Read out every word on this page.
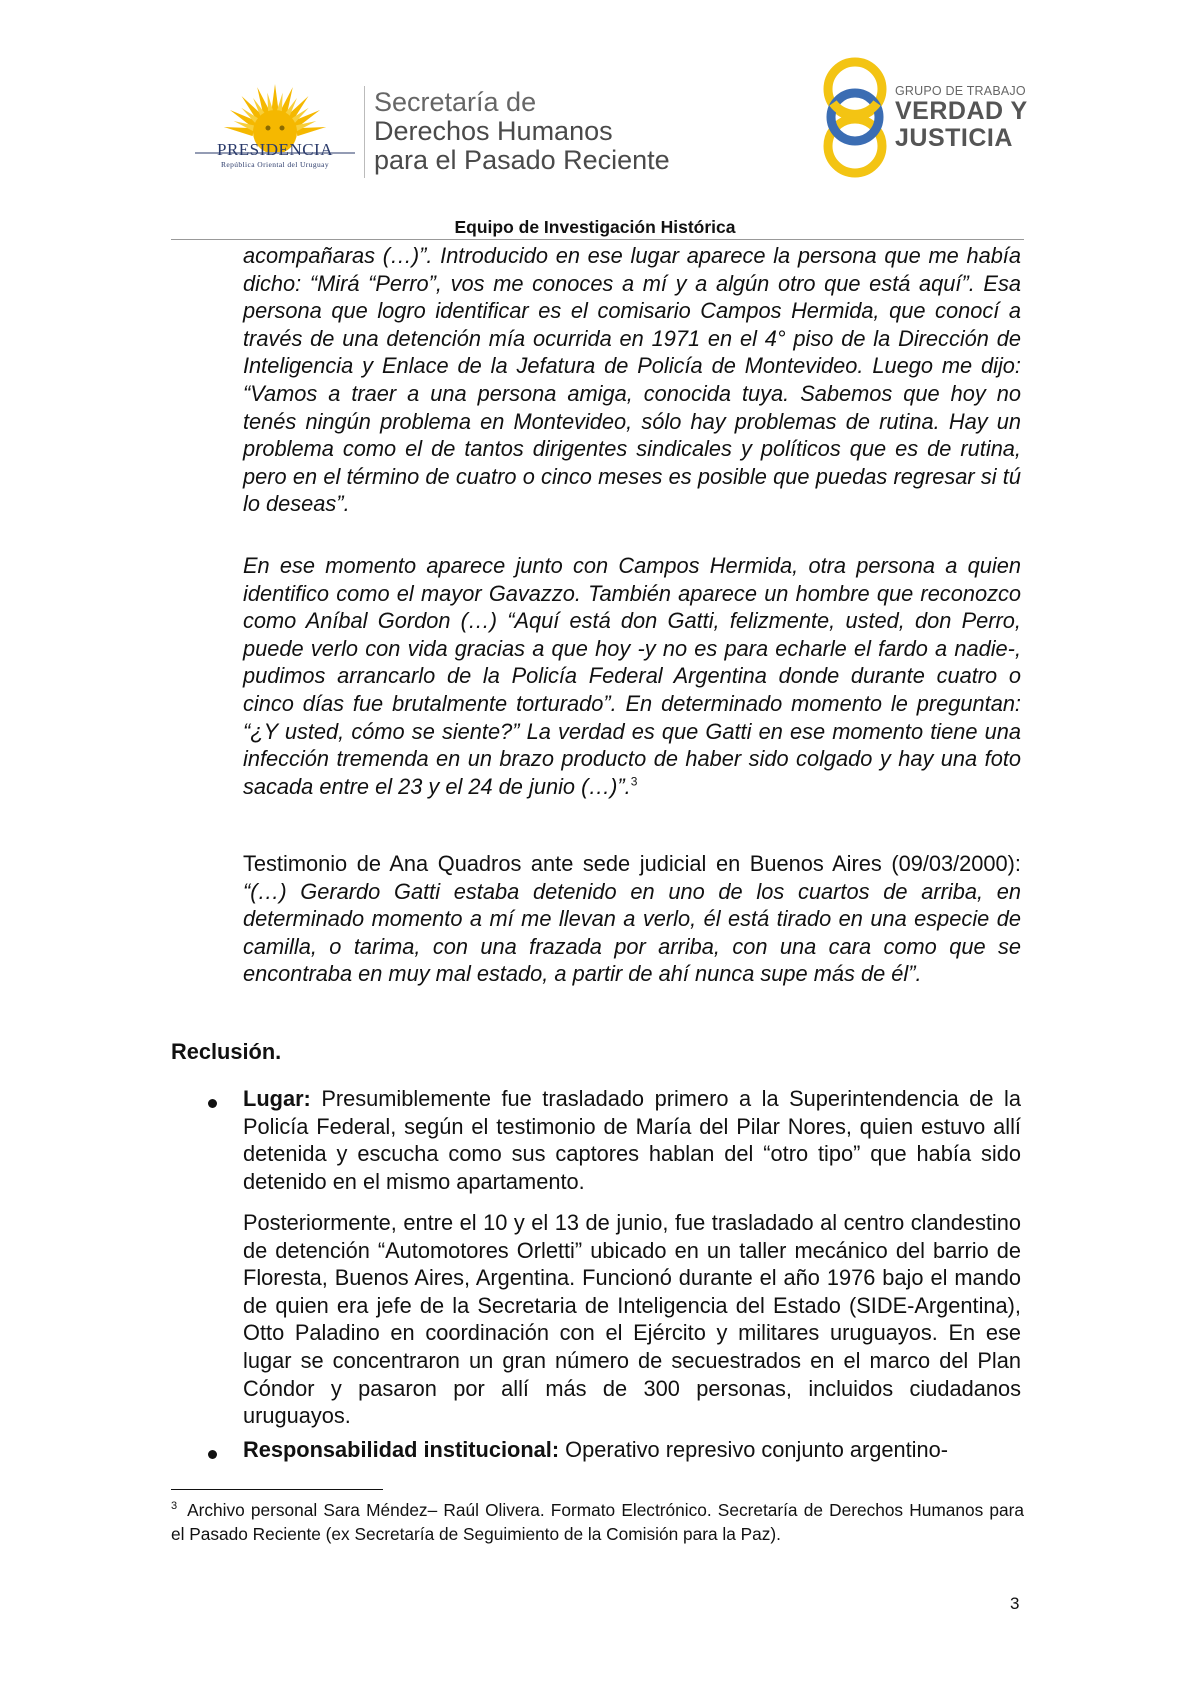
PRESIDENCIA
República Oriental del Uruguay
Secretaría de
Derechos Humanos
para el Pasado Reciente
GRUPO DE TRABAJO
VERDAD Y
JUSTICIA
Equipo de Investigación Histórica
acompañaras (…)”. Introducido en ese lugar aparece la persona que me había dicho: “Mirá “Perro”, vos me conoces a mí y a algún otro que está aquí”. Esa persona que logro identificar es el comisario Campos Hermida, que conocí a través de una detención mía ocurrida en 1971 en el 4° piso de la Dirección de Inteligencia y Enlace de la Jefatura de Policía de Montevideo. Luego me dijo: “Vamos a traer a una persona amiga, conocida tuya. Sabemos que hoy no tenés ningún problema en Montevideo, sólo hay problemas de rutina. Hay un problema como el de tantos dirigentes sindicales y políticos que es de rutina, pero en el término de cuatro o cinco meses es posible que puedas regresar si tú lo deseas”.
En ese momento aparece junto con Campos Hermida, otra persona a quien identifico como el mayor Gavazzo. También aparece un hombre que reconozco como Aníbal Gordon (…) “Aquí está don Gatti, felizmente, usted, don Perro, puede verlo con vida gracias a que hoy -y no es para echarle el fardo a nadie-, pudimos arrancarlo de la Policía Federal Argentina donde durante cuatro o cinco días fue brutalmente torturado”. En determinado momento le preguntan: “¿Y usted, cómo se siente?” La verdad es que Gatti en ese momento tiene una infección tremenda en un brazo producto de haber sido colgado y hay una foto sacada entre el 23 y el 24 de junio (…)”.$^3$
Testimonio de Ana Quadros ante sede judicial en Buenos Aires (09/03/2000): “(…) Gerardo Gatti estaba detenido en uno de los cuartos de arriba, en determinado momento a mí me llevan a verlo, él está tirado en una especie de camilla, o tarima, con una frazada por arriba, con una cara como que se encontraba en muy mal estado, a partir de ahí nunca supe más de él”.
Reclusión.
Lugar: Presumiblemente fue trasladado primero a la Superintendencia de la Policía Federal, según el testimonio de María del Pilar Nores, quien estuvo allí detenida y escucha como sus captores hablan del “otro tipo” que había sido detenido en el mismo apartamento.
Posteriormente, entre el 10 y el 13 de junio, fue trasladado al centro clandestino de detención “Automotores Orletti” ubicado en un taller mecánico del barrio de Floresta, Buenos Aires, Argentina. Funcionó durante el año 1976 bajo el mando de quien era jefe de la Secretaria de Inteligencia del Estado (SIDE-Argentina), Otto Paladino en coordinación con el Ejército y militares uruguayos. En ese lugar se concentraron un gran número de secuestrados en el marco del Plan Cóndor y pasaron por allí más de 300 personas, incluidos ciudadanos uruguayos.
Responsabilidad institucional: Operativo represivo conjunto argentino-
$^3$ Archivo personal Sara Méndez– Raúl Olivera. Formato Electrónico. Secretaría de Derechos Humanos para el Pasado Reciente (ex Secretaría de Seguimiento de la Comisión para la Paz).
3
